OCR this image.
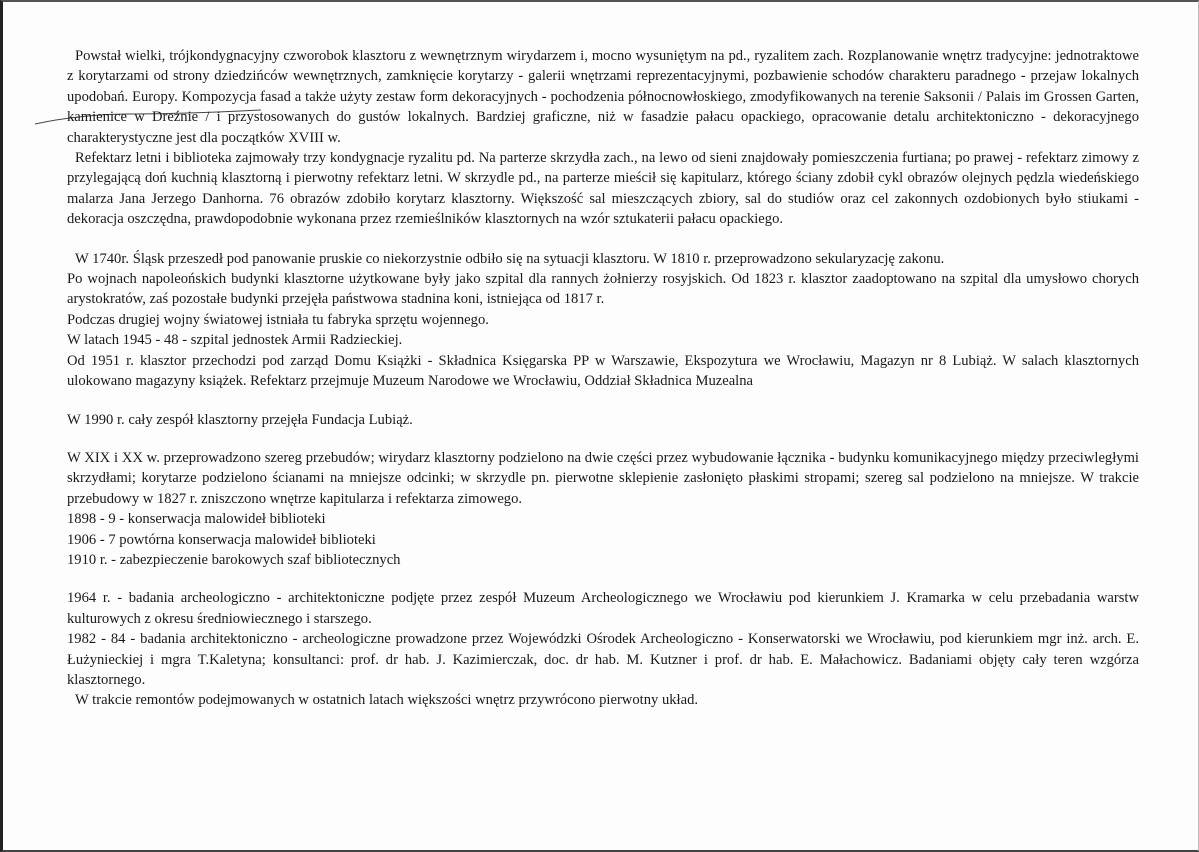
Powstał wielki, trójkondygnacyjny czworobok klasztoru z wewnętrznym wirydarzem i, mocno wysuniętym na pd., ryzalitem zach. Rozplanowanie wnętrz tradycyjne: jednotraktowe z korytarzami od strony dziedzińców wewnętrznych, zamknięcie korytarzy - galerii wnętrzami reprezentacyjnymi, pozbawienie schodów charakteru paradnego - przejaw lokalnych upodobań. Europy. Kompozycja fasad a także użyty zestaw form dekoracyjnych - pochodzenia północnowłoskiego, zmodyfikowanych na terenie Saksonii / Palais im Grossen Garten, kamienice w Dreźnie / i przystosowanych do gustów lokalnych. Bardziej graficzne, niż w fasadzie pałacu opackiego, opracowanie detalu architektoniczno - dekoracyjnego charakterystyczne jest dla początków XVIII w.

Refektarz letni i biblioteka zajmowały trzy kondygnacje ryzalitu pd. Na parterze skrzydła zach., na lewo od sieni znajdowały pomieszczenia furtiana; po prawej - refektarz zimowy z przylegającą doń kuchnią klasztorną i pierwotny refektarz letni. W skrzydle pd., na parterze mieścił się kapitularz, którego ściany zdobił cykl obrazów olejnych pędzla wiedeńskiego malarza Jana Jerzego Danhorna. 76 obrazów zdobiło korytarz klasztorny. Większość sal mieszczących zbiory, sal do studiów oraz cel zakonnych ozdobionych było stiukami - dekoracja oszczędna, prawdopodobnie wykonana przez rzemieślników klasztornych na wzór sztukaterii pałacu opackiego.

W 1740r. Śląsk przeszedł pod panowanie pruskie co niekorzystnie odbiło się na sytuacji klasztoru. W 1810 r. przeprowadzono sekularyzację zakonu.

Po wojnach napoleońskich budynki klasztorne użytkowane były jako szpital dla rannych żołnierzy rosyjskich. Od 1823 r. klasztor zaadoptowano na szpital dla umysłowo chorych arystokratów, zaś pozostałe budynki przejęła państwowa stadnina koni, istniejąca od 1817 r.

Podczas drugiej wojny światowej istniała tu fabryka sprzętu wojennego.

W latach 1945 - 48 - szpital jednostek Armii Radzieckiej.

Od 1951 r. klasztor przechodzi pod zarząd Domu Książki - Składnica Księgarska PP w Warszawie, Ekspozytura we Wrocławiu, Magazyn nr 8 Lubiąż. W salach klasztornych ulokowano magazyny książek. Refektarz przejmuje Muzeum Narodowe we Wrocławiu, Oddział Składnica Muzealna

W 1990 r. cały zespół klasztorny przejęła Fundacja Lubiąż.

W XIX i XX w. przeprowadzono szereg przebudów; wirydarz klasztorny podzielono na dwie części przez wybudowanie łącznika - budynku komunikacyjnego między przeciwległymi skrzydłami; korytarze podzielono ścianami na mniejsze odcinki; w skrzydle pn. pierwotne sklepienie zasłonięto płaskimi stropami; szereg sal podzielono na mniejsze. W trakcie przebudowy w 1827 r. zniszczono wnętrze kapitularza i refektarza zimowego.

1898 - 9 - konserwacja malowideł biblioteki

1906 - 7 powtórna konserwacja malowideł biblioteki

1910 r. - zabezpieczenie barokowych szaf bibliotecznych

1964 r. - badania archeologiczno - architektoniczne podjęte przez zespół Muzeum Archeologicznego we Wrocławiu pod kierunkiem J. Kramarka w celu przebadania warstw kulturowych z okresu średniowiecznego i starszego.

1982 - 84 - badania architektoniczno - archeologiczne prowadzone przez Wojewódzki Ośrodek Archeologiczno - Konserwatorski we Wrocławiu, pod kierunkiem mgr inż. arch. E. Łużynieckiej i mgra T.Kaletyna; konsultanci: prof. dr hab. J. Kazimierczak, doc. dr hab. M. Kutzner i prof. dr hab. E. Małachowicz. Badaniami objęty cały teren wzgórza klasztornego.

W trakcie remontów podejmowanych w ostatnich latach większości wnętrz przywrócono pierwotny układ.
